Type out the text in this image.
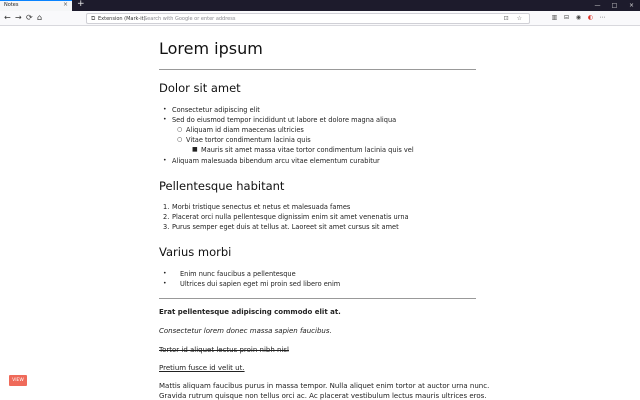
Notes	× +	—	□	×
← → ⟳ ⌂	⧉ Extension (Mark-it)
Search with Google or enter address	⊡ ☆	▥	⊟	◉	◐	⋯
Lorem ipsum
Dolor sit amet
• Consectetur adipiscing elit
• Sed do eiusmod tempor incididunt ut labore et dolore magna aliqua
○ Aliquam id diam maecenas ultricies
○ Vitae tortor condimentum lacinia quis
■ Mauris sit amet massa vitae tortor condimentum lacinia quis vel
• Aliquam malesuada bibendum arcu vitae elementum curabitur
Pellentesque habitant
1. Morbi tristique senectus et netus et malesuada fames
2. Placerat orci nulla pellentesque dignissim enim sit amet venenatis urna
3. Purus semper eget duis at tellus at. Laoreet sit amet cursus sit amet
Varius morbi
• Enim nunc faucibus a pellentesque
• Ultrices dui sapien eget mi proin sed libero enim

Erat pellentesque adipiscing commodo elit at.

Consectetur lorem donec massa sapien faucibus.

Tortor id aliquet lectus proin nibh nisl

Pretium fusce id velit ut.

Mattis aliquam faucibus purus in massa tempor. Nulla aliquet enim tortor at auctor urna nunc.

Gravida rutrum quisque non tellus orci ac. Ac placerat vestibulum lectus mauris ultrices eros.

VIEW
